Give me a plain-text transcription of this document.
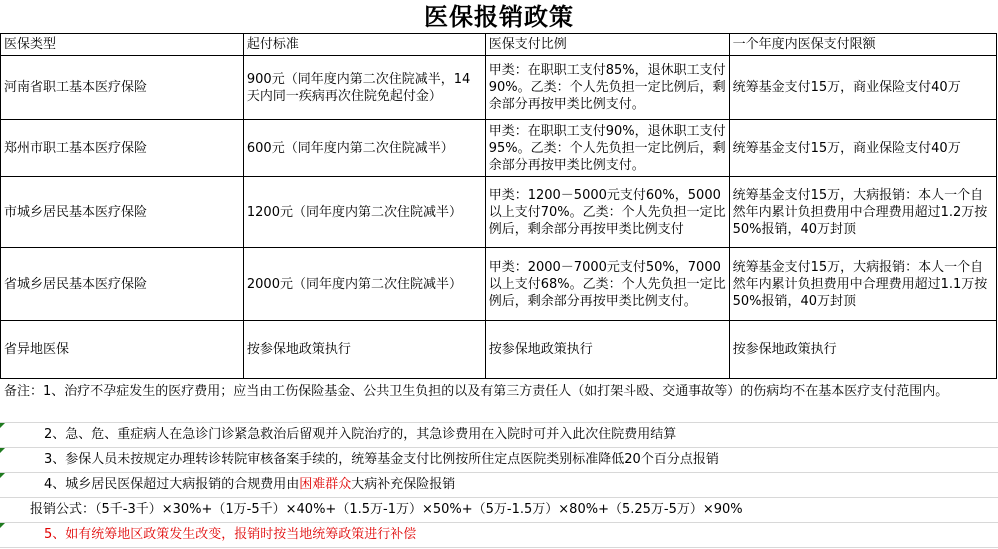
医保报销政策
医保类型	起付标准	医保支付比例	一个年度内医保支付限额
河南省职工基本医疗保险	900元（同年度内第二次住院减半，14天内同一疾病再次住院免起付金）	甲类：在职职工支付85%，退休职工支付90%。乙类：个人先负担一定比例后，剩余部分再按甲类比例支付。	统筹基金支付15万，商业保险支付40万
郑州市职工基本医疗保险	600元（同年度内第二次住院减半）	甲类：在职职工支付90%，退休职工支付95%。乙类：个人先负担一定比例后，剩余部分再按甲类比例支付。	统筹基金支付15万，商业保险支付40万
市城乡居民基本医疗保险	1200元（同年度内第二次住院减半）	甲类：1200－5000元支付60%，5000以上支付70%。乙类：个人先负担一定比例后，剩余部分再按甲类比例支付	统筹基金支付15万，大病报销：本人一个自然年内累计负担费用中合理费用超过1.2万按50%报销，40万封顶
省城乡居民基本医疗保险	2000元（同年度内第二次住院减半）	甲类：2000－7000元支付50%，7000以上支付68%。乙类：个人先负担一定比例后，剩余部分再按甲类比例支付。	统筹基金支付15万，大病报销：本人一个自然年内累计负担费用中合理费用超过1.1万按50%报销，40万封顶
省异地医保	按参保地政策执行	按参保地政策执行	按参保地政策执行
备注：1、治疗不孕症发生的医疗费用；应当由工伤保险基金、公共卫生负担的以及有第三方责任人（如打架斗殴、交通事故等）的伤病均不在基本医疗支付范围内。
2、急、危、重症病人在急诊门诊紧急救治后留观并入院治疗的，其急诊费用在入院时可并入此次住院费用结算
3、参保人员未按规定办理转诊转院审核备案手续的，统筹基金支付比例按所住定点医院类别标准降低20个百分点报销
4、城乡居民医保超过大病报销的合规费用由困难群众大病补充保险报销
报销公式：（5千-3千）×30%+（1万-5千）×40%+（1.5万-1万）×50%+（5万-1.5万）×80%+（5.25万-5万）×90%
5、如有统筹地区政策发生改变，报销时按当地统筹政策进行补偿
